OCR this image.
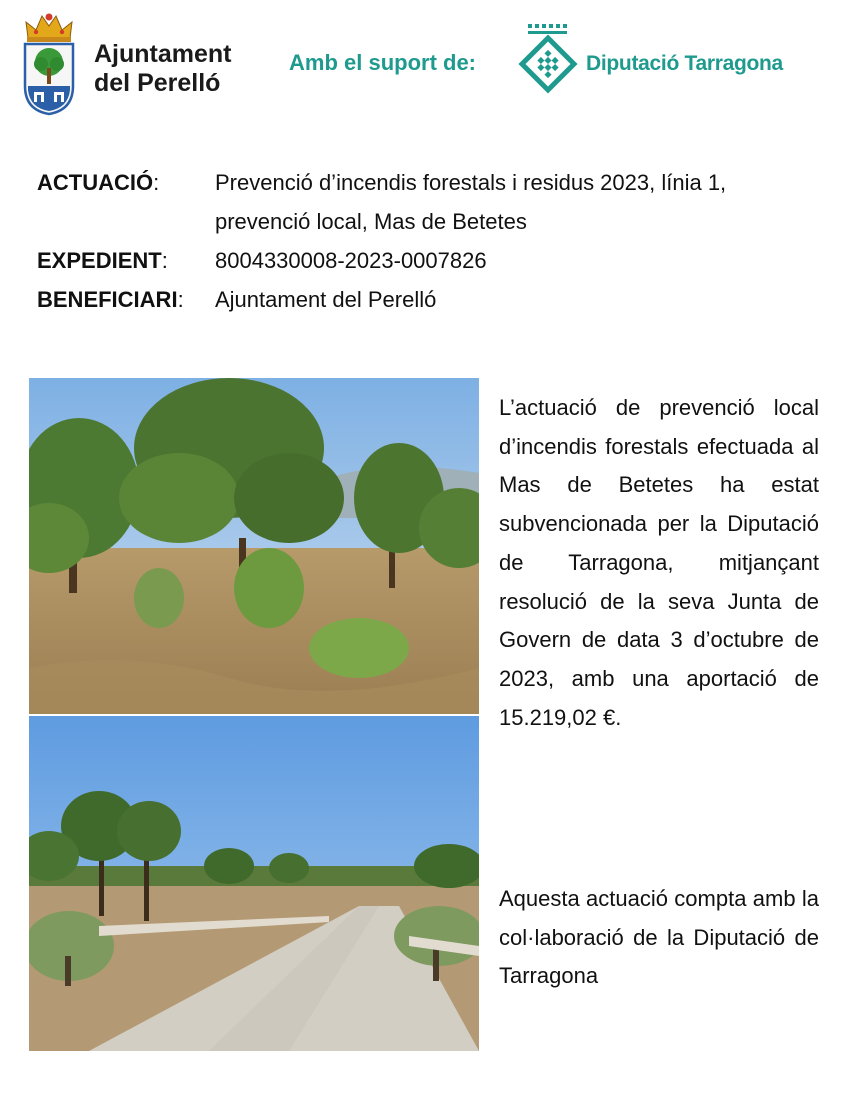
Ajuntament
del Perelló
Amb el suport de:	Diputació Tarragona
ACTUACIÓ:	Prevenció d’incendis forestals i residus 2023, línia 1, prevenció local, Mas de Betetes
EXPEDIENT:	8004330008-2023-0007826
BENEFICIARI:	Ajuntament del Perelló
L’actuació de prevenció local d’incendis forestals efectuada al Mas de Betetes ha estat subvencionada per la Diputació de Tarragona, mitjançant resolució de la seva Junta de Govern de data 3 d’octubre de 2023, amb una aportació de 15.219,02 €.
Aquesta actuació compta amb la col·laboració de la Diputació de Tarragona
